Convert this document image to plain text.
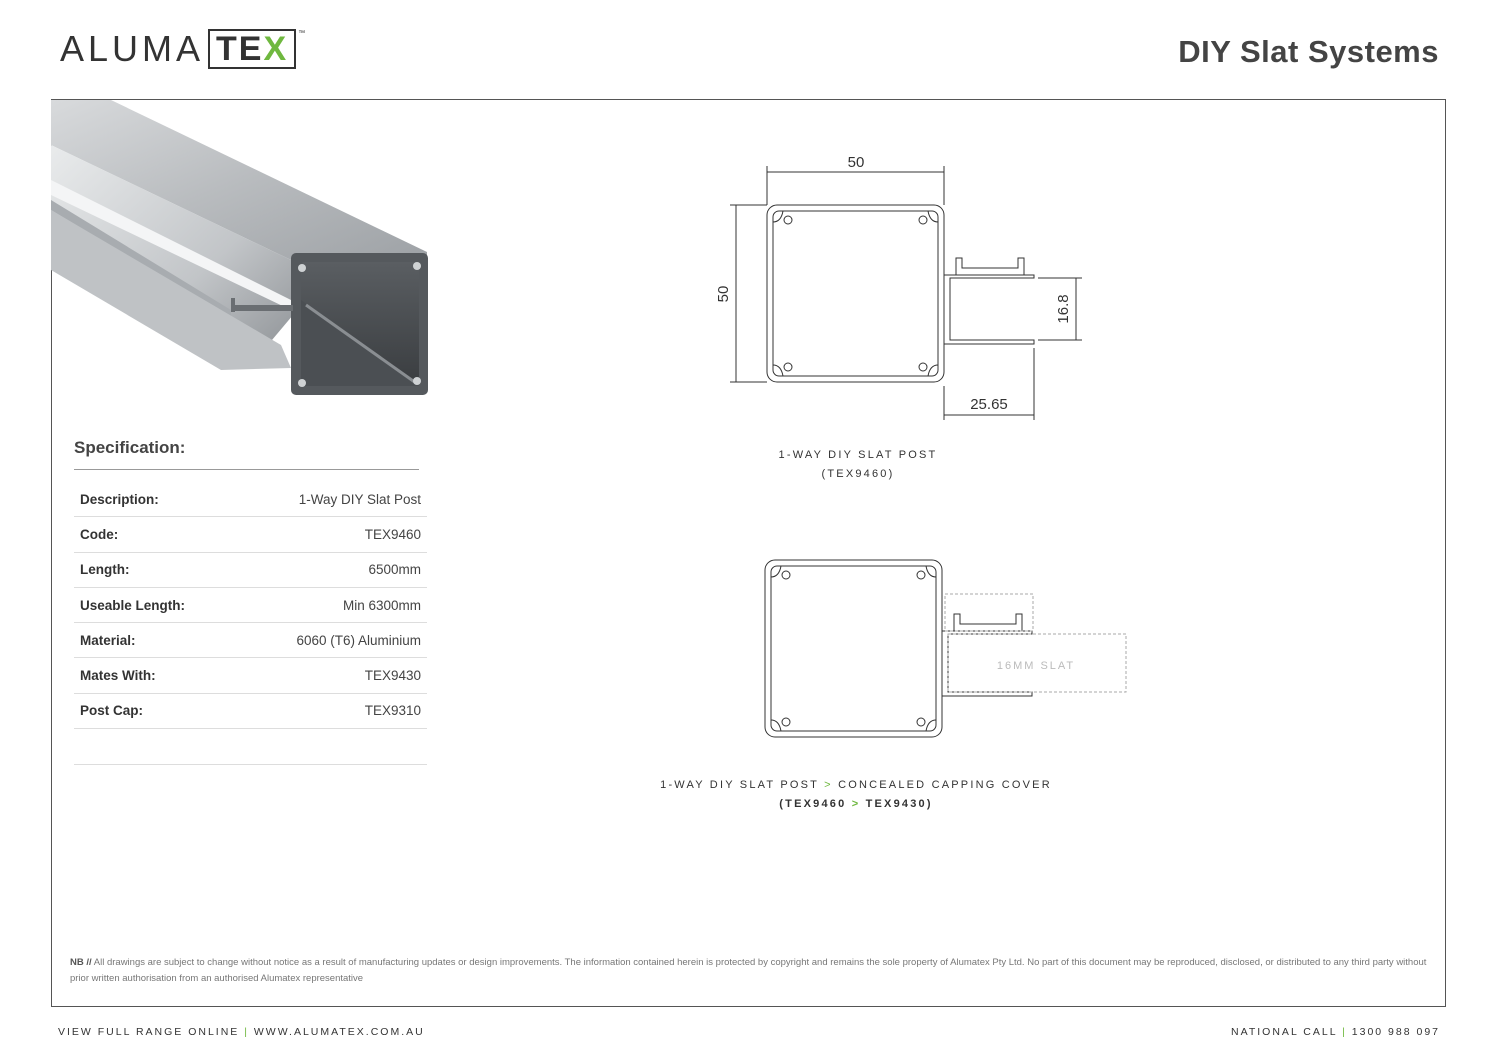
ALUMA TE X ™
DIY Slat Systems
Specification:
Description:	1-Way DIY Slat Post
Code:	TEX9460
Length:	6500mm
Useable Length:	Min 6300mm
Material:	6060 (T6) Aluminium
Mates With:	TEX9430
Post Cap:	TEX9310
50
50
16.8
25.65
1-WAY DIY SLAT POST
(TEX9460)
16MM SLAT
1-WAY DIY SLAT POST > CONCEALED CAPPING COVER
(TEX9460 > TEX9430)
NB // All drawings are subject to change without notice as a result of manufacturing updates or design improvements. The information contained herein is protected by copyright and remains the sole property of Alumatex Pty Ltd. No part of this document may be reproduced, disclosed, or distributed to any third party without prior written authorisation from an authorised Alumatex representative
VIEW FULL RANGE ONLINE | WWW.ALUMATEX.COM.AU	NATIONAL CALL | 1300 988 097
